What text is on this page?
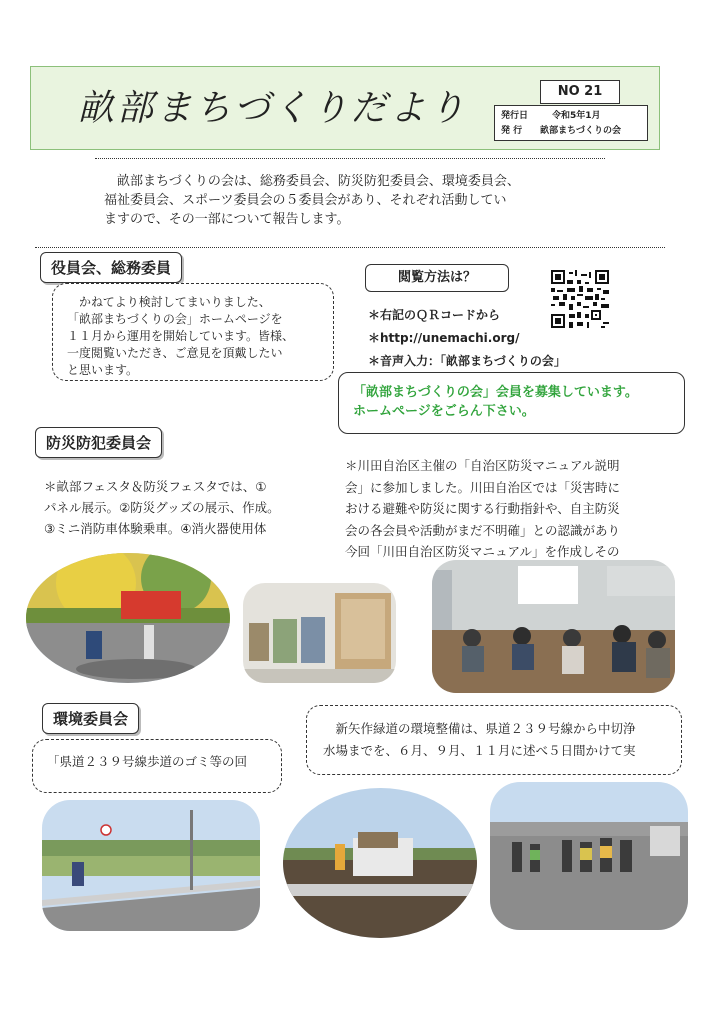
畝部まちづくりだより	NO 21
発行日	令和5年1月
発 行 畝部まちづくりの会
畝部まちづくりの会は、総務委員会、防災防犯委員会、環境委員会、
福祉委員会、スポーツ委員会の５委員会があり、それぞれ活動してい
ますので、その一部について報告します。
役員会、総務委員
かねてより検討してまいりました、
「畝部まちづくりの会」ホームページを
１１月から運用を開始しています。皆様、
一度閲覧いただき、ご意見を頂戴したい
と思います。
閲覧方法は？
＊右記のＱＲコードから
＊http://unemachi.org/
＊音声入力：「畝部まちづくりの会」
「畝部まちづくりの会」会員を募集しています。
ホームページをごらん下さい。
防災防犯委員会
＊畝部フェスタ＆防災フェスタでは、①
パネル展示。②防災グッズの展示、作成。
③ミニ消防車体験乗車。④消火器使用体
＊川田自治区主催の「自治区防災マニュアル説明
会」に参加しました。川田自治区では「災害時に
おける避難や防災に関する行動指針や、自主防災
会の各会員や活動がまだ不明確」との認識があり
今回「川田自治区防災マニュアル」を作成しその
環境委員会
「県道２３９号線歩道のゴミ等の回
新矢作緑道の環境整備は、県道２３９号線から中切浄
水場までを、６月、９月、１１月に述べ５日間かけて実
